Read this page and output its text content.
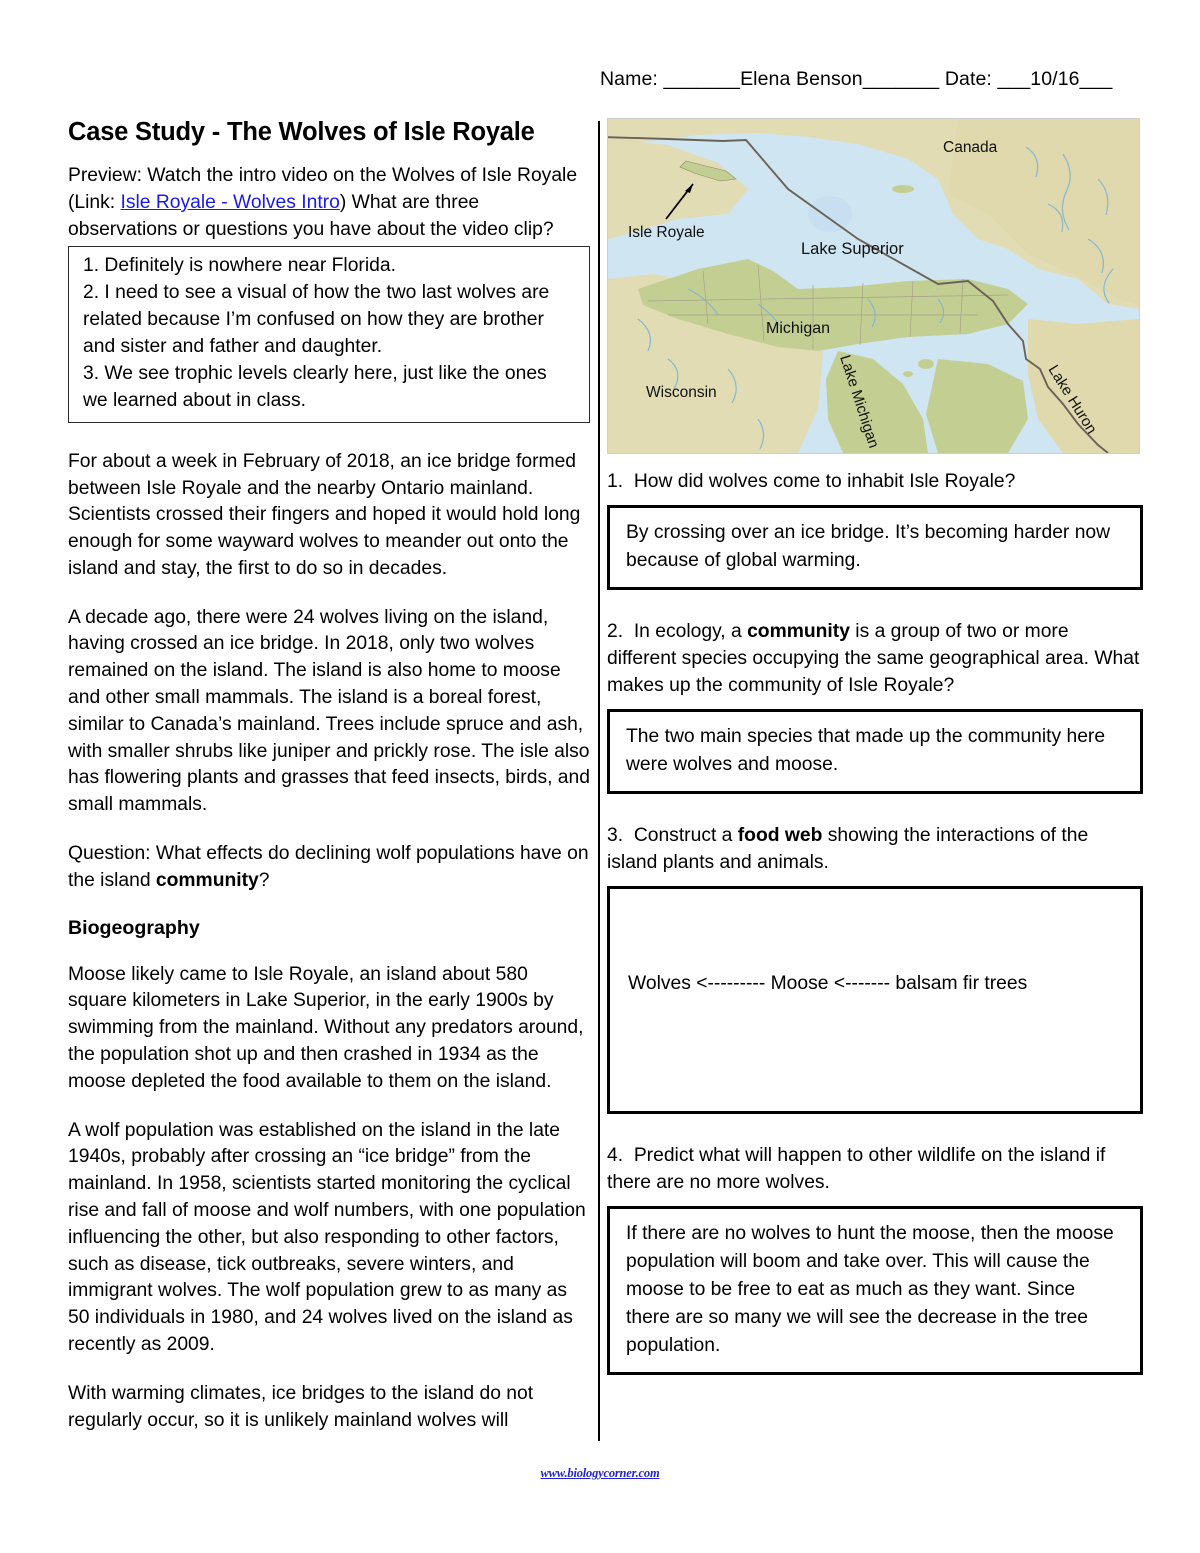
Name: _______Elena Benson_______ Date: ___10/16___
Case Study - The Wolves of Isle Royale

Preview: Watch the intro video on the Wolves of Isle Royale (Link: Isle Royale - Wolves Intro) What are three observations or questions you have about the video clip?

1. Definitely is nowhere near Florida.

2. I need to see a visual of how the two last wolves are related because I’m confused on how they are brother and sister and father and daughter.

3. We see trophic levels clearly here, just like the ones we learned about in class.

For about a week in February of 2018, an ice bridge formed between Isle Royale and the nearby Ontario mainland. Scientists crossed their fingers and hoped it would hold long enough for some wayward wolves to meander out onto the island and stay, the first to do so in decades.

A decade ago, there were 24 wolves living on the island, having crossed an ice bridge. In 2018, only two wolves remained on the island. The island is also home to moose and other small mammals. The island is a boreal forest, similar to Canada’s mainland. Trees include spruce and ash, with smaller shrubs like juniper and prickly rose. The isle also has flowering plants and grasses that feed insects, birds, and small mammals.

Question: What effects do declining wolf populations have on the island community?

Biogeography

Moose likely came to Isle Royale, an island about 580 square kilometers in Lake Superior, in the early 1900s by swimming from the mainland. Without any predators around, the population shot up and then crashed in 1934 as the moose depleted the food available to them on the island.

A wolf population was established on the island in the late 1940s, probably after crossing an “ice bridge” from the mainland. In 1958, scientists started monitoring the cyclical rise and fall of moose and wolf numbers, with one population influencing the other, but also responding to other factors, such as disease, tick outbreaks, severe winters, and immigrant wolves. The wolf population grew to as many as 50 individuals in 1980, and 24 wolves lived on the island as recently as 2009.

With warming climates, ice bridges to the island do not regularly occur, so it is unlikely mainland wolves will

Isle Royale
Canada
Lake Superior
Michigan
Wisconsin	Lake Michigan	Lake Huron

1. How did wolves come to inhabit Isle Royale?

By crossing over an ice bridge. It’s becoming harder now because of global warming.

2. In ecology, a community is a group of two or more different species occupying the same geographical area. What makes up the community of Isle Royale?

The two main species that made up the community here were wolves and moose.

3. Construct a food web showing the interactions of the island plants and animals.

Wolves <--------- Moose <------- balsam fir trees

4. Predict what will happen to other wildlife on the island if there are no more wolves.

If there are no wolves to hunt the moose, then the moose population will boom and take over. This will cause the moose to be free to eat as much as they want. Since there are so many we will see the decrease in the tree population.

www.biologycorner.com
